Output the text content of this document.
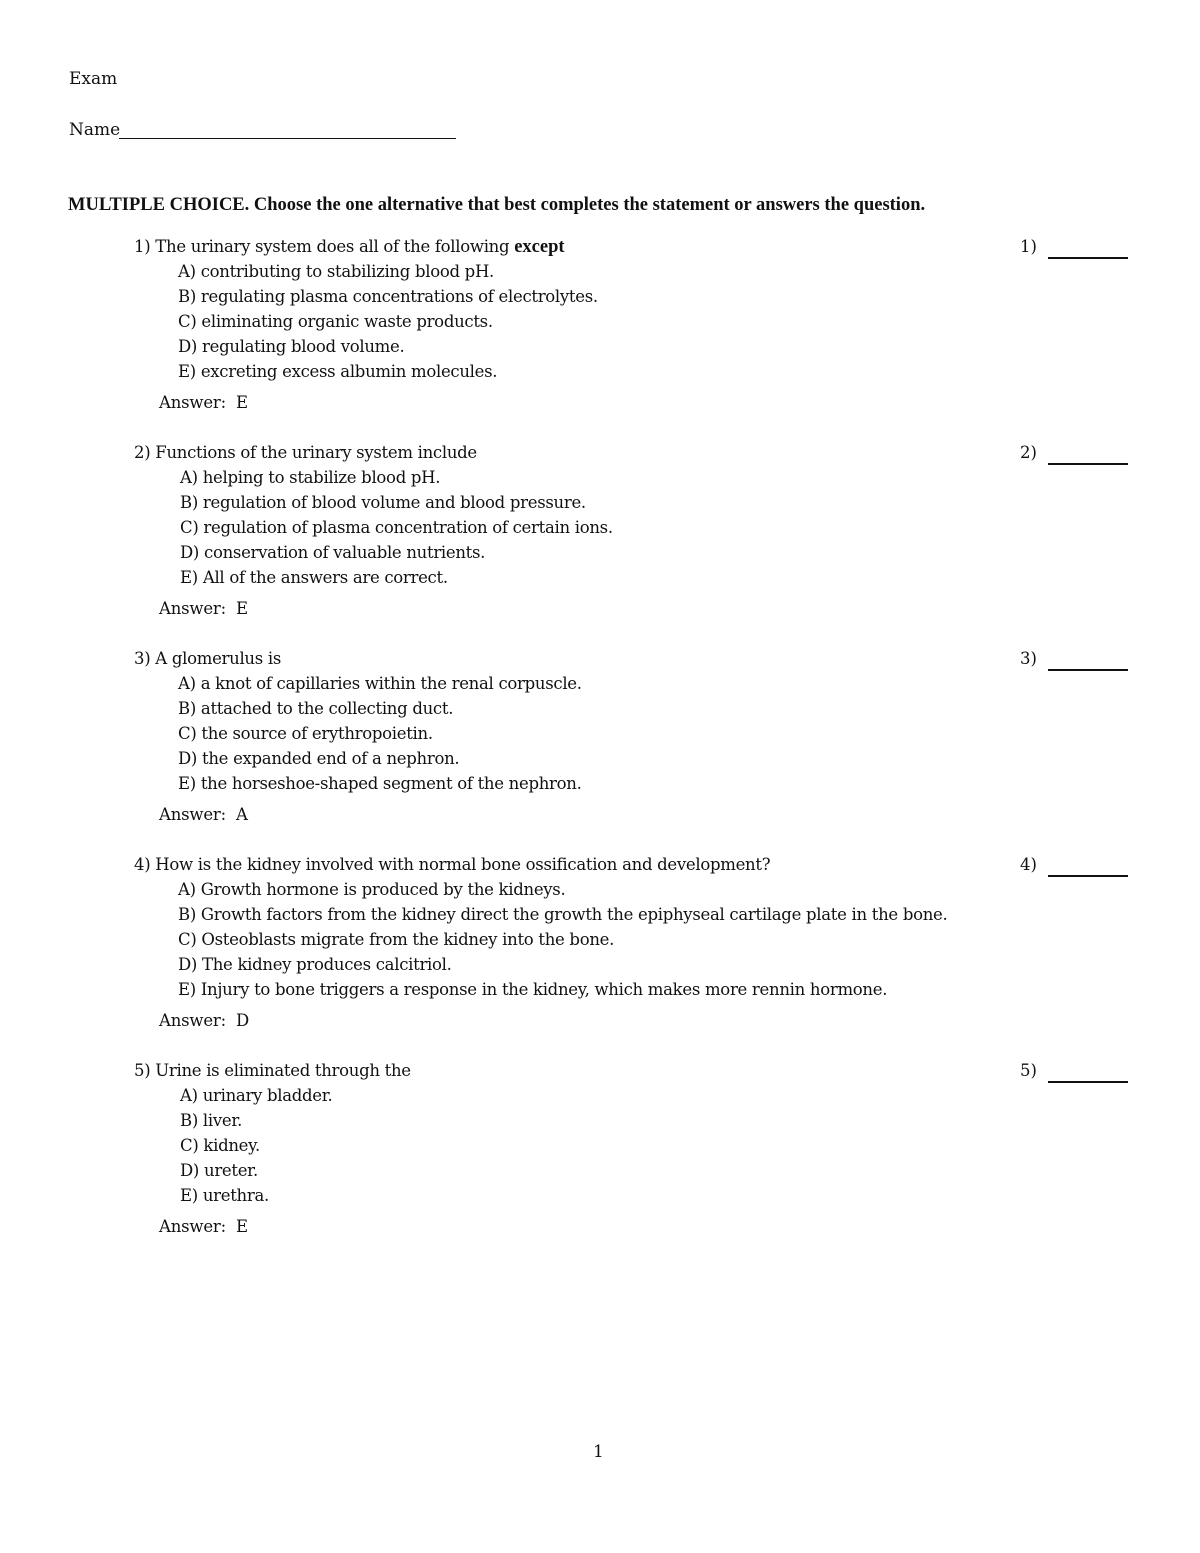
Exam
Name
MULTIPLE CHOICE. Choose the one alternative that best completes the statement or answers the question.
1) The urinary system does all of the following except	1)
A) contributing to stabilizing blood pH.
B) regulating plasma concentrations of electrolytes.
C) eliminating organic waste products.
D) regulating blood volume.
E) excreting excess albumin molecules.
Answer:  E
2) Functions of the urinary system include	2)
A) helping to stabilize blood pH.
B) regulation of blood volume and blood pressure.
C) regulation of plasma concentration of certain ions.
D) conservation of valuable nutrients.
E) All of the answers are correct.
Answer:  E
3) A glomerulus is	3)
A) a knot of capillaries within the renal corpuscle.
B) attached to the collecting duct.
C) the source of erythropoietin.
D) the expanded end of a nephron.
E) the horseshoe-shaped segment of the nephron.
Answer:  A
4) How is the kidney involved with normal bone ossification and development?	4)
A) Growth hormone is produced by the kidneys.
B) Growth factors from the kidney direct the growth the epiphyseal cartilage plate in the bone.
C) Osteoblasts migrate from the kidney into the bone.
D) The kidney produces calcitriol.
E) Injury to bone triggers a response in the kidney, which makes more rennin hormone.
Answer:  D
5) Urine is eliminated through the	5)
A) urinary bladder.
B) liver.
C) kidney.
D) ureter.
E) urethra.
Answer:  E
1
